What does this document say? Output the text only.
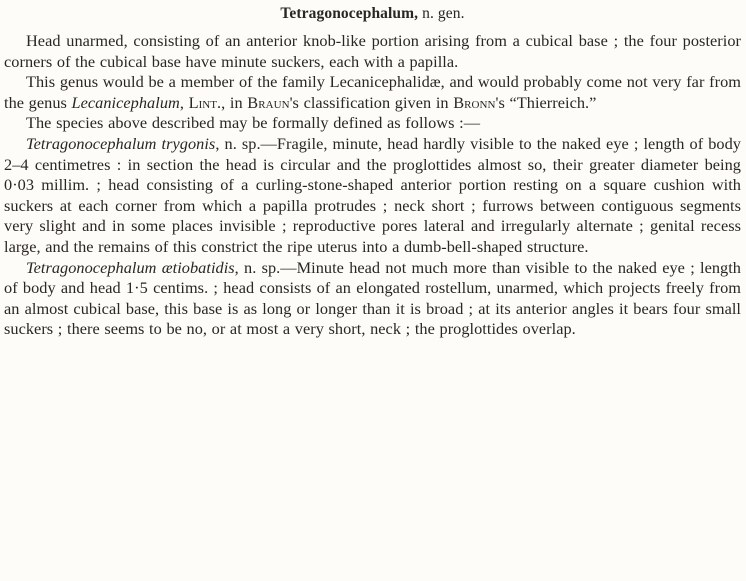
Tetragonocephalum, n. gen.

Head unarmed, consisting of an anterior knob-like portion arising from a cubical base ; the four posterior corners of the cubical base have minute suckers, each with a papilla.

This genus would be a member of the family Lecanicephalidæ, and would probably come not very far from the genus Lecanicephalum, Lint., in Braun's classification given in Bronn's “Thierreich.”

The species above described may be formally defined as follows :—

Tetragonocephalum trygonis, n. sp.—Fragile, minute, head hardly visible to the naked eye ; length of body 2–4 centimetres : in section the head is circular and the proglottides almost so, their greater diameter being 0·03 millim. ; head consisting of a curling-stone-shaped anterior portion resting on a square cushion with suckers at each corner from which a papilla protrudes ; neck short ; furrows between contiguous segments very slight and in some places invisible ; reproductive pores lateral and irregularly alternate ; genital recess large, and the remains of this constrict the ripe uterus into a dumb-bell-shaped structure.

Tetragonocephalum ætiobatidis, n. sp.—Minute head not much more than visible to the naked eye ; length of body and head 1·5 centims. ; head consists of an elongated rostellum, unarmed, which projects freely from an almost cubical base, this base is as long or longer than it is broad ; at its anterior angles it bears four small suckers ; there seems to be no, or at most a very short, neck ; the proglottides overlap.
